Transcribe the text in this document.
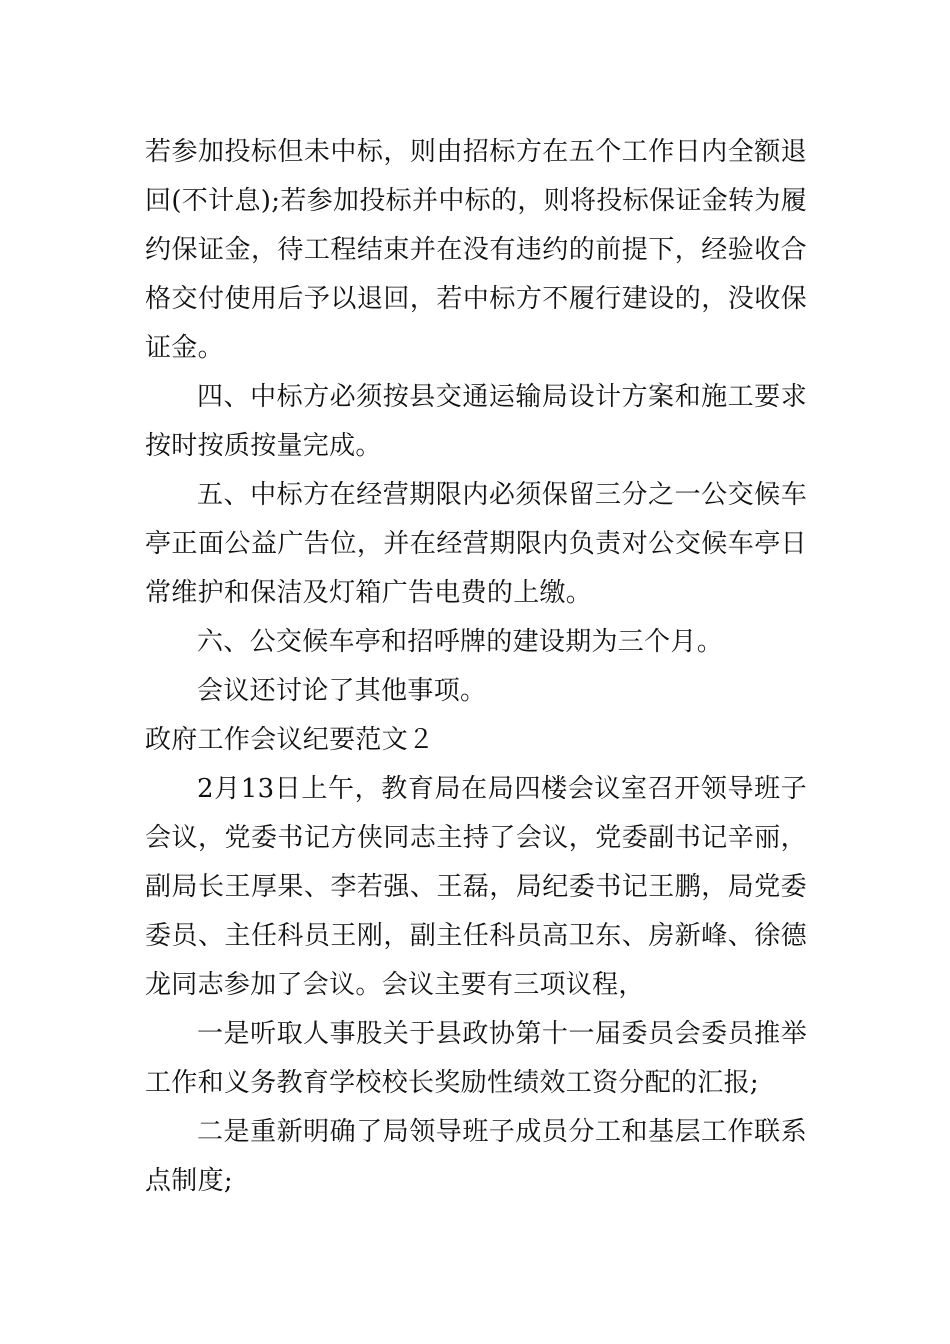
若参加投标但未中标，则由招标方在五个工作日内全额退回(不计息);若参加投标并中标的，则将投标保证金转为履约保证金，待工程结束并在没有违约的前提下，经验收合格交付使用后予以退回，若中标方不履行建设的，没收保证金。

四、中标方必须按县交通运输局设计方案和施工要求按时按质按量完成。

五、中标方在经营期限内必须保留三分之一公交候车亭正面公益广告位，并在经营期限内负责对公交候车亭日常维护和保洁及灯箱广告电费的上缴。

六、公交候车亭和招呼牌的建设期为三个月。

会议还讨论了其他事项。

政府工作会议纪要范文２

2月13日上午，教育局在局四楼会议室召开领导班子会议，党委书记方侠同志主持了会议，党委副书记辛丽，副局长王厚果、李若强、王磊，局纪委书记王鹏，局党委委员、主任科员王刚，副主任科员高卫东、房新峰、徐德龙同志参加了会议。会议主要有三项议程，

一是听取人事股关于县政协第十一届委员会委员推举工作和义务教育学校校长奖励性绩效工资分配的汇报;

二是重新明确了局领导班子成员分工和基层工作联系点制度;
